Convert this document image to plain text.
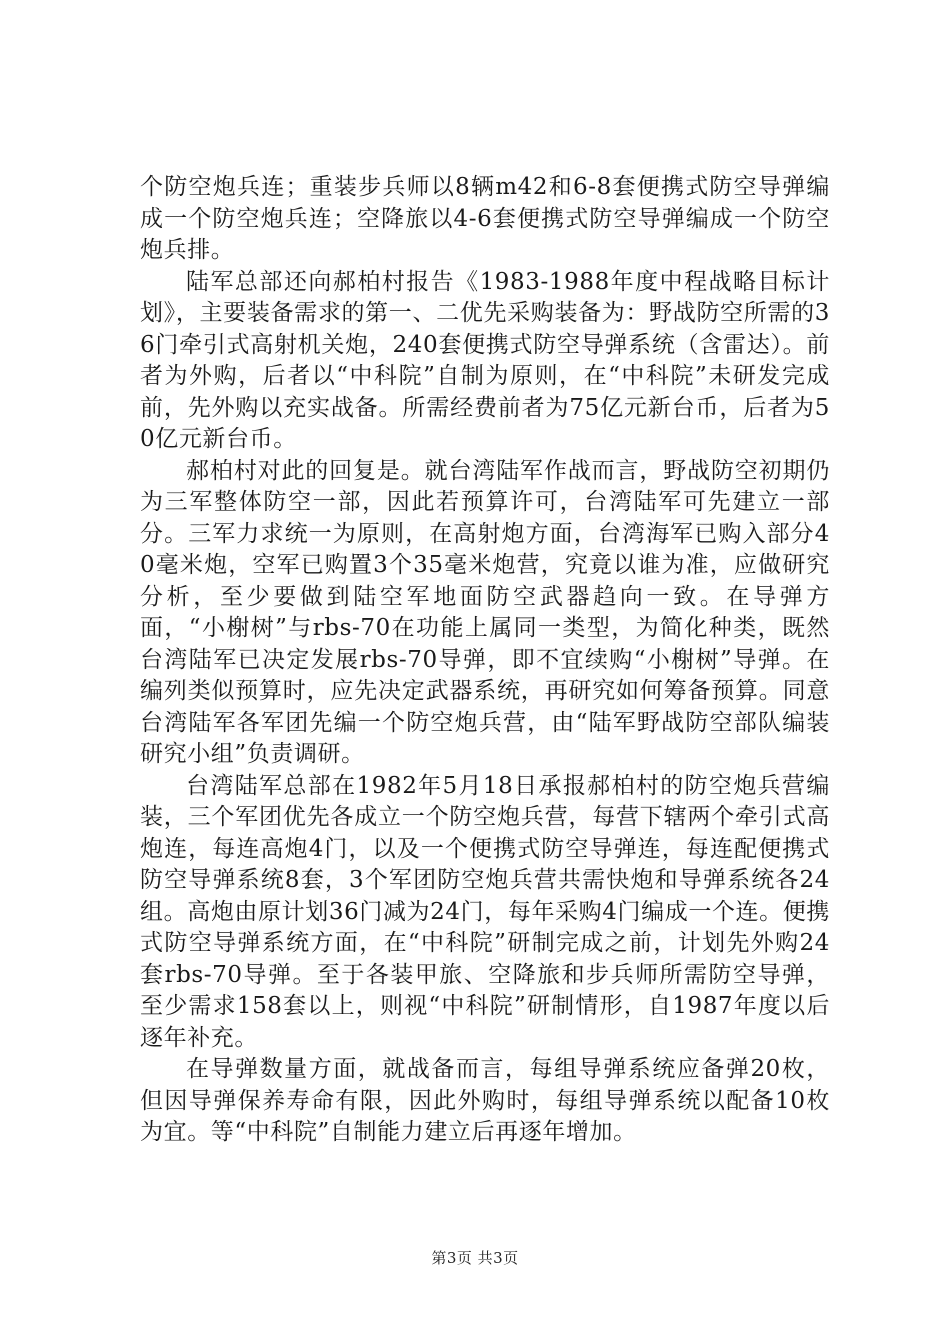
个防空炮兵连；重装步兵师以8辆m42和6-8套便携式防空导弹编成一个防空炮兵连；空降旅以4-6套便携式防空导弹编成一个防空炮兵排。

陆军总部还向郝柏村报告《1983-1988年度中程战略目标计划》，主要装备需求的第一、二优先采购装备为：野战防空所需的36门牵引式高射机关炮，240套便携式防空导弹系统（含雷达）。前者为外购，后者以“中科院”自制为原则，在“中科院”未研发完成前，先外购以充实战备。所需经费前者为75亿元新台币，后者为50亿元新台币。

郝柏村对此的回复是。就台湾陆军作战而言，野战防空初期仍为三军整体防空一部，因此若预算许可，台湾陆军可先建立一部分。三军力求统一为原则，在高射炮方面，台湾海军已购入部分40毫米炮，空军已购置3个35毫米炮营，究竟以谁为准，应做研究分析，至少要做到陆空军地面防空武器趋向一致。在导弹方面，“小榭树”与rbs-70在功能上属同一类型，为简化种类，既然台湾陆军已决定发展rbs-70导弹，即不宜续购“小榭树”导弹。在编列类似预算时，应先决定武器系统，再研究如何筹备预算。同意台湾陆军各军团先编一个防空炮兵营，由“陆军野战防空部队编装研究小组”负责调研。

台湾陆军总部在1982年5月18日承报郝柏村的防空炮兵营编装，三个军团优先各成立一个防空炮兵营，每营下辖两个牵引式高炮连，每连高炮4门，以及一个便携式防空导弹连，每连配便携式防空导弹系统8套，3个军团防空炮兵营共需快炮和导弹系统各24组。高炮由原计划36门减为24门，每年采购4门编成一个连。便携式防空导弹系统方面，在“中科院”研制完成之前，计划先外购24套rbs-70导弹。至于各装甲旅、空降旅和步兵师所需防空导弹，至少需求158套以上，则视“中科院”研制情形，自1987年度以后逐年补充。

在导弹数量方面，就战备而言，每组导弹系统应备弹20枚，但因导弹保养寿命有限，因此外购时，每组导弹系统以配备10枚为宜。等“中科院”自制能力建立后再逐年增加。

第3页 共3页
